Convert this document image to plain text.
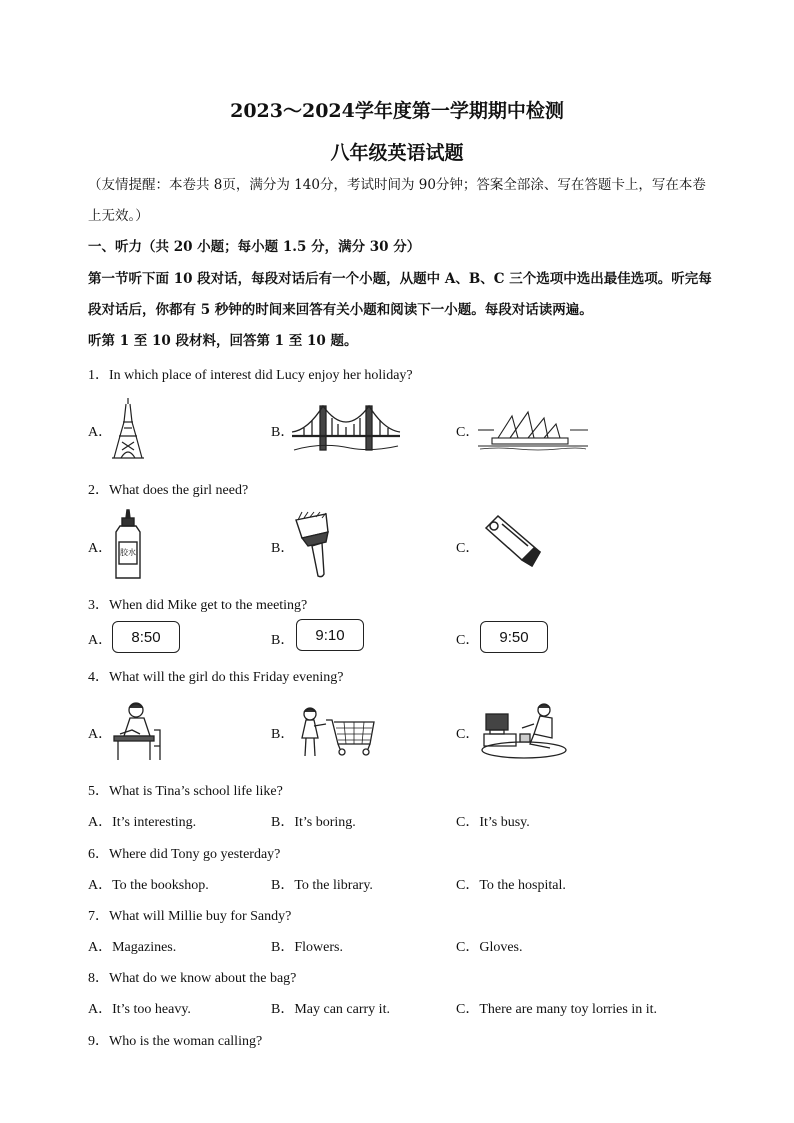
2023～2024学年度第一学期期中检测
八年级英语试题
（友情提醒：本卷共 8页，满分为 140分，考试时间为 90分钟；答案全部涂、写在答题卡上，写在本卷上无效。）
一、听力（共 20 小题；每小题 1.5 分，满分 30 分）
第一节听下面 10 段对话，每段对话后有一个小题，从题中 A、B、C 三个选项中选出最佳选项。听完每段对话后，你都有 5 秒钟的时间来回答有关小题和阅读下一小题。每段对话读两遍。
听第 1 至 10 段材料，回答第 1 至 10 题。
1．In which place of interest did Lucy enjoy her holiday?
A．	B．	C．
2．What does the girl need?
A．	B．	C．
胶水
3．When did Mike get to the meeting?
A．	B．	C．
8:50	9:10	9:50
4．What will the girl do this Friday evening?
A．	B．	C．
5．What is Tina’s school life like?
A．It’s interesting.	B．It’s boring.	C．It’s busy.
6．Where did Tony go yesterday?
A．To the bookshop.	B．To the library.	C．To the hospital.
7．What will Millie buy for Sandy?
A．Magazines.	B．Flowers.	C．Gloves.
8．What do we know about the bag?
A．It’s too heavy.	B．May can carry it.	C．There are many toy lorries in it.
9．Who is the woman calling?
